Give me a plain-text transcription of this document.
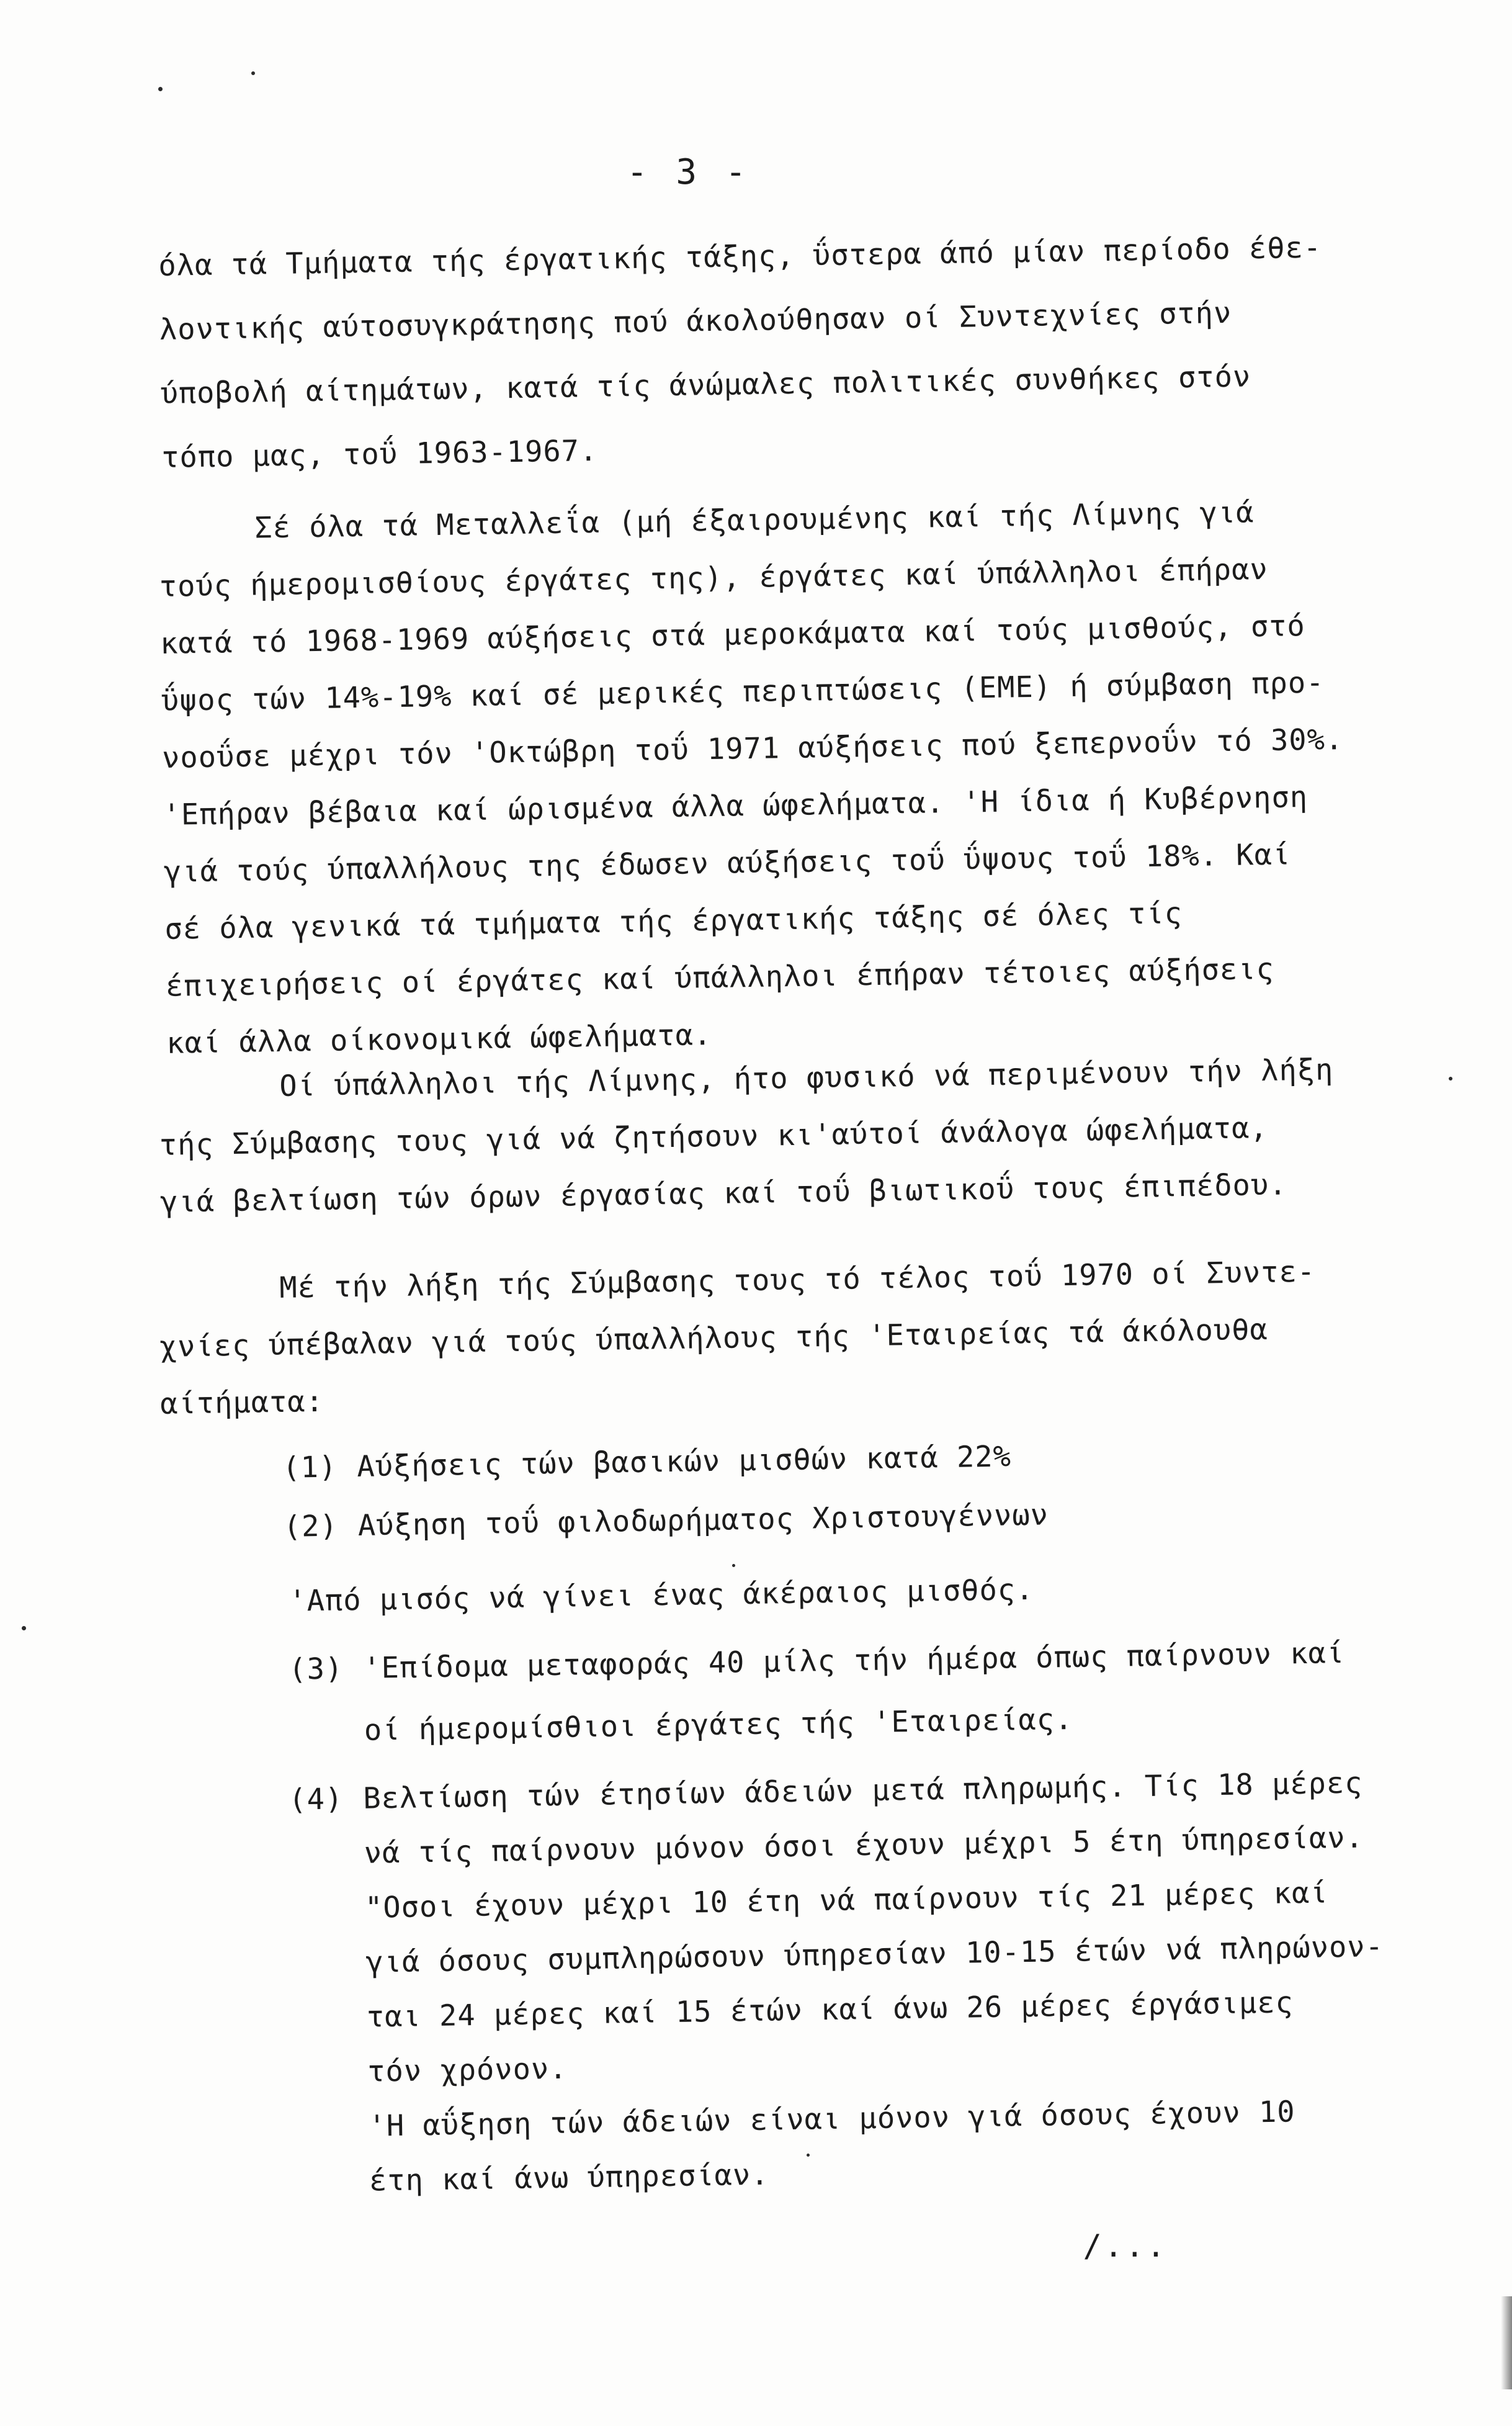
- 3 -
όλα τά Τμήματα τής έργατικής τάξης, ΰστερα άπό μίαν περίοδο έθε-
λοντικής αύτοσυγκράτησης πού άκολούθησαν οί Συντεχνίες στήν
ύποβολή αίτημάτων, κατά τίς άνώμαλες πολιτικές συνθήκες στόν
τόπο μας, τοΰ 1963-1967.
Σέ όλα τά Μεταλλεΐα (μή έξαιρουμένης καί τής Λίμνης γιά
τούς ήμερομισθίους έργάτες της), έργάτες καί ύπάλληλοι έπήραν
κατά τό 1968-1969 αύξήσεις στά μεροκάματα καί τούς μισθούς, στό
ΰψος τών 14%-19% καί σέ μερικές περιπτώσεις (ΕΜΕ) ή σύμβαση προ-
νοοΰσε μέχρι τόν 'Οκτώβρη τοΰ 1971 αύξήσεις πού ξεπερνοΰν τό 30%.
'Επήραν βέβαια καί ώρισμένα άλλα ώφελήματα. 'Η ίδια ή Κυβέρνηση
γιά τούς ύπαλλήλους της έδωσεν αύξήσεις τοΰ ΰψους τοΰ 18%. Καί
σέ όλα γενικά τά τμήματα τής έργατικής τάξης σέ όλες τίς
έπιχειρήσεις οί έργάτες καί ύπάλληλοι έπήραν τέτοιες αύξήσεις
καί άλλα οίκονομικά ώφελήματα.
Οί ύπάλληλοι τής Λίμνης, ήτο φυσικό νά περιμένουν τήν λήξη
τής Σύμβασης τους γιά νά ζητήσουν κι'αύτοί άνάλογα ώφελήματα,
γιά βελτίωση τών όρων έργασίας καί τοΰ βιωτικοΰ τους έπιπέδου.
Μέ τήν λήξη τής Σύμβασης τους τό τέλος τοΰ 1970 οί Συντε-
χνίες ύπέβαλαν γιά τούς ύπαλλήλους τής 'Εταιρείας τά άκόλουθα
αίτήματα:
(1) Αύξήσεις τών βασικών μισθών κατά 22%
(2) Αύξηση τοΰ φιλοδωρήματος Χριστουγέννων
'Από μισός νά γίνει ένας άκέραιος μισθός.
(3) 'Επίδομα μεταφοράς 40 μίλς τήν ήμέρα όπως παίρνουν καί
οί ήμερομίσθιοι έργάτες τής 'Εταιρείας.
(4) Βελτίωση τών έτησίων άδειών μετά πληρωμής. Τίς 18 μέρες
νά τίς παίρνουν μόνον όσοι έχουν μέχρι 5 έτη ύπηρεσίαν.
"Οσοι έχουν μέχρι 10 έτη νά παίρνουν τίς 21 μέρες καί
γιά όσους συμπληρώσουν ύπηρεσίαν 10-15 έτών νά πληρώνον-
ται 24 μέρες καί 15 έτών καί άνω 26 μέρες έργάσιμες
τόν χρόνον.
'Η αΰξηση τών άδειών είναι μόνον γιά όσους έχουν 10
έτη καί άνω ύπηρεσίαν.
/...
